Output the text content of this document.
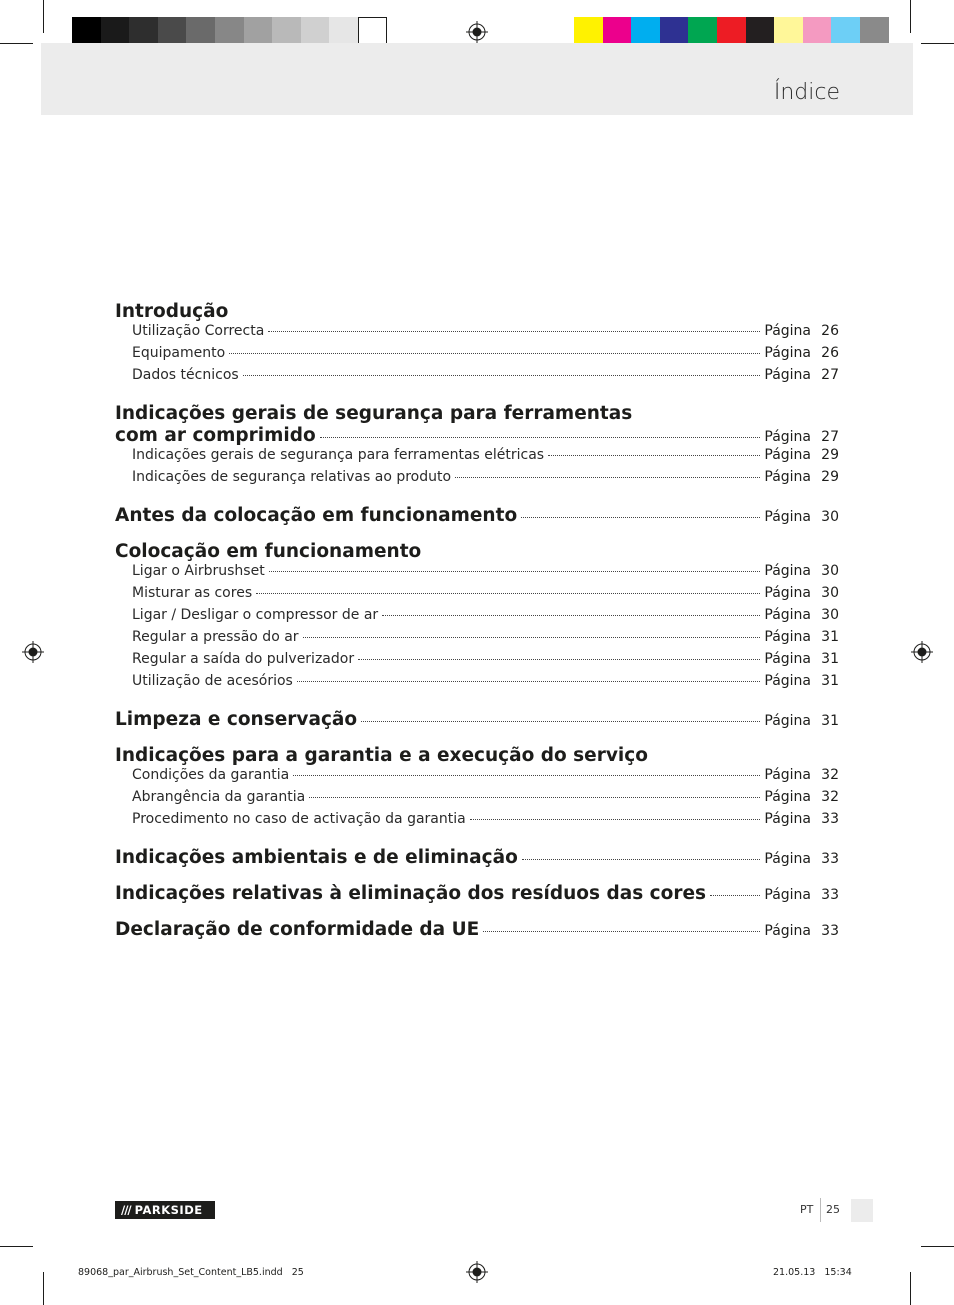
Índice
Introdução
Utilização Correcta	Página 26
Equipamento	Página 26
Dados técnicos	Página 27
Indicações gerais de segurança para ferramentas
com ar comprimido	Página 27
Indicações gerais de segurança para ferramentas elétricas	Página 29
Indicações de segurança relativas ao produto	Página 29
Antes da colocação em funcionamento	Página 30
Colocação em funcionamento
Ligar o Airbrushset	Página 30
Misturar as cores	Página 30
Ligar / Desligar o compressor de ar	Página 30
Regular a pressão do ar	Página 31
Regular a saída do pulverizador	Página 31
Utilização de acesórios	Página 31
Limpeza e conservação	Página 31
Indicações para a garantia e a execução do serviço
Condições da garantia	Página 32
Abrangência da garantia	Página 32
Procedimento no caso de activação da garantia	Página 33
Indicações ambientais e de eliminação	Página 33
Indicações relativas à eliminação dos resíduos das cores	Página 33
Declaração de conformidade da UE	Página 33
/// PARKSIDE	PT 25
89068_par_Airbrush_Set_Content_LB5.indd   25	21.05.13   15:34
